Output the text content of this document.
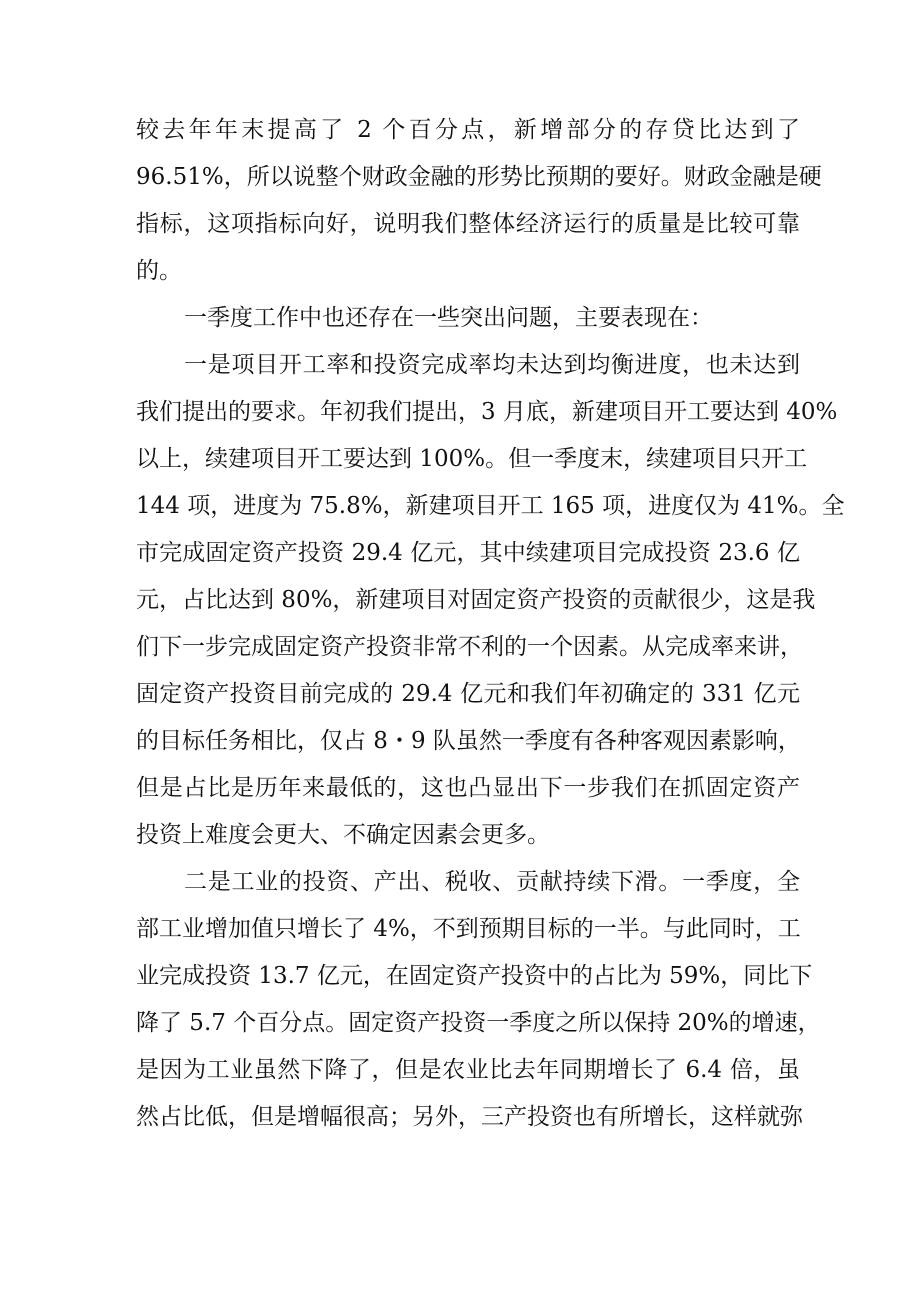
较去年年末提高了 2 个百分点，新增部分的存贷比达到了
96.51%，所以说整个财政金融的形势比预期的要好。财政金融是硬
指标，这项指标向好，说明我们整体经济运行的质量是比较可靠
的。
一季度工作中也还存在一些突出问题，主要表现在：
一是项目开工率和投资完成率均未达到均衡进度，也未达到
我们提出的要求。年初我们提出，3 月底，新建项目开工要达到 40%
以上，续建项目开工要达到 100%。但一季度末，续建项目只开工
144 项，进度为 75.8%，新建项目开工 165 项，进度仅为 41%。全
市完成固定资产投资 29.4 亿元，其中续建项目完成投资 23.6 亿
元，占比达到 80%，新建项目对固定资产投资的贡献很少，这是我
们下一步完成固定资产投资非常不利的一个因素。从完成率来讲，
固定资产投资目前完成的 29.4 亿元和我们年初确定的 331 亿元
的目标任务相比，仅占 8・9 队虽然一季度有各种客观因素影响，
但是占比是历年来最低的，这也凸显出下一步我们在抓固定资产
投资上难度会更大、不确定因素会更多。
二是工业的投资、产出、税收、贡献持续下滑。一季度，全
部工业增加值只增长了 4%，不到预期目标的一半。与此同时，工
业完成投资 13.7 亿元，在固定资产投资中的占比为 59%，同比下
降了 5.7 个百分点。固定资产投资一季度之所以保持 20%的增速，
是因为工业虽然下降了，但是农业比去年同期增长了 6.4 倍，虽
然占比低，但是增幅很高；另外，三产投资也有所增长，这样就弥
